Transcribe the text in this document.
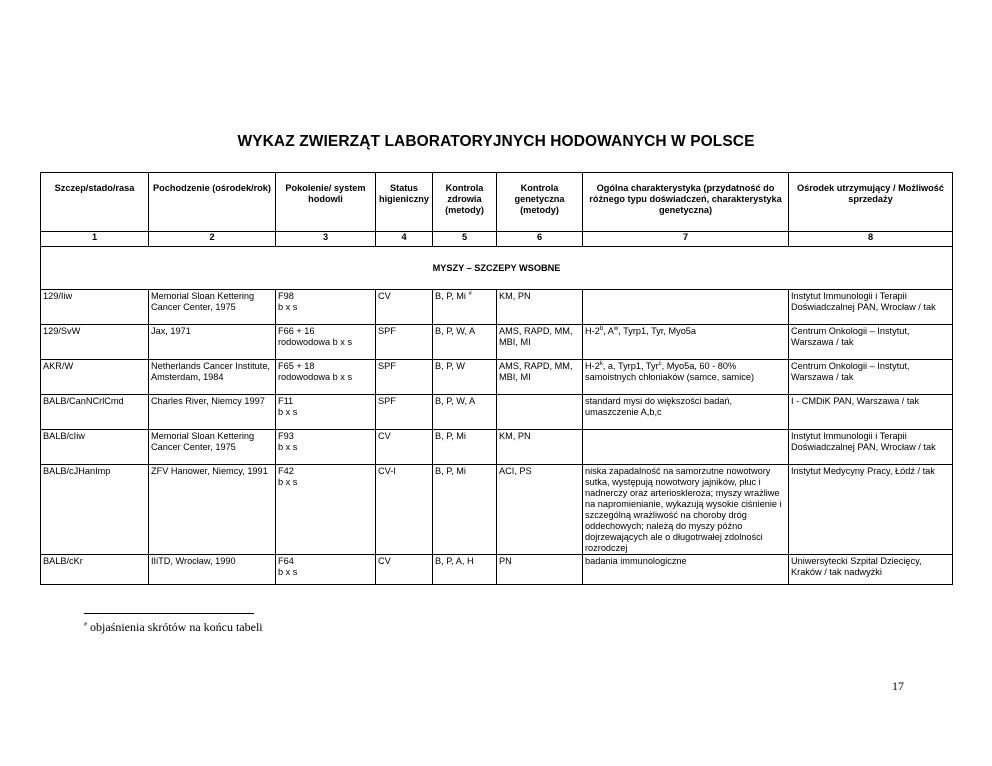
WYKAZ ZWIERZĄT LABORATORYJNYCH HODOWANYCH W POLSCE
Szczep/stado/rasa	Pochodzenie (ośrodek/rok)	Pokolenie/ system hodowli	Status higieniczny	Kontrola zdrowia (metody)	Kontrola genetyczna (metody)	Ogólna charakterystyka (przydatność do różnego typu doświadczeń, charakterystyka genetyczna)	Ośrodek utrzymujący / Możliwość sprzedaży
1	2	3	4	5	6	7	8
MYSZY – SZCZEPY WSOBNE							
129/Iiw	Memorial Sloan Kettering Cancer Center, 1975	F98
b x s	CV	B, P, Mi #	KM, PN		Instytut Immunologii i Terapii Doświadczalnej PAN, Wrocław / tak
129/SvW	Jax, 1971	F66 + 16
rodowodowa b x s	SPF	B, P, W, A	AMS, RAPD, MM, MBI, MI	H-2$^b$, $A^w$, Tyrp1, Tyr, Myo5a	Centrum Onkologii – Instytut, Warszawa / tak
AKR/W	Netherlands Cancer Institute, Amsterdam, 1984	F65 + 18
rodowodowa b x s	SPF	B, P, W	AMS, RAPD, MM, MBI, MI	H-2$^k$, a, Tyrp1, Tyr$^c$, Myo5a, 60 - 80% samoistnych chłoniaków (samce, samice)	Centrum Onkologii – Instytut, Warszawa / tak
BALB/CanNCrlCmd	Charles River, Niemcy 1997	F11
b x s	SPF	B, P, W, A		standard mysi do większości badań, umaszczenie A,b,c	I - CMDiK PAN, Warszawa / tak
BALB/cIiw	Memorial Sloan Kettering Cancer Center, 1975	F93
b x s	CV	B, P, Mi	KM, PN		Instytut Immunologii i Terapii Doświadczalnej PAN, Wrocław / tak
BALB/cJHanImp	ZFV Hanower, Niemcy, 1991	F42
b x s	CV-I	B, P, Mi	ACI, PS	niska zapadalność na samorzutne nowotwory sutka, występują nowotwory jajników, płuc i nadnerczy oraz arterioskleroza; myszy wrażliwe na napromienianie, wykazują wysokie ciśnienie i szczególną wrażliwość na choroby dróg oddechowych; należą do myszy późno dojrzewających ale o długotrwałej zdolności rozrodczej	Instytut Medycyny Pracy, Łódź / tak
BALB/cKr	IIiTD, Wrocław, 1990	F64
b x s	CV	B, P, A, H	PN	badania immunologiczne	Uniwersytecki Szpital Dziecięcy, Kraków / tak nadwyżki
# objaśnienia skrótów na końcu tabeli
17
